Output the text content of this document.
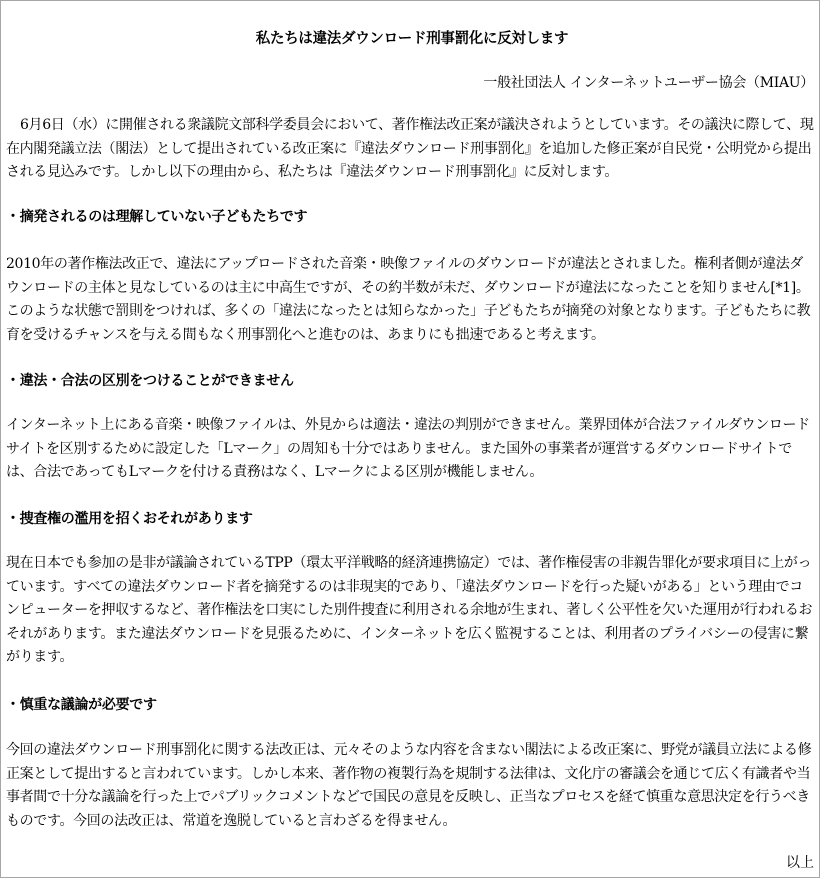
私たちは違法ダウンロード刑事罰化に反対します
一般社団法人 インターネットユーザー協会（MIAU）

6月6日（水）に開催される衆議院文部科学委員会において、著作権法改正案が議決されようとしています。その議決に際して、現在内閣発議立法（閣法）として提出されている改正案に『違法ダウンロード刑事罰化』を追加した修正案が自民党・公明党から提出される見込みです。しかし以下の理由から、私たちは『違法ダウンロード刑事罰化』に反対します。

・摘発されるのは理解していない子どもたちです

2010年の著作権法改正で、違法にアップロードされた音楽・映像ファイルのダウンロードが違法とされました。権利者側が違法ダウンロードの主体と見なしているのは主に中高生ですが、その約半数が未だ、ダウンロードが違法になったことを知りません[*1]。このような状態で罰則をつければ、多くの「違法になったとは知らなかった」子どもたちが摘発の対象となります。子どもたちに教育を受けるチャンスを与える間もなく刑事罰化へと進むのは、あまりにも拙速であると考えます。

・違法・合法の区別をつけることができません

インターネット上にある音楽・映像ファイルは、外見からは適法・違法の判別ができません。業界団体が合法ファイルダウンロードサイトを区別するために設定した「Lマーク」の周知も十分ではありません。また国外の事業者が運営するダウンロードサイトでは、合法であってもLマークを付ける責務はなく、Lマークによる区別が機能しません。

・捜査権の濫用を招くおそれがあります

現在日本でも参加の是非が議論されているTPP（環太平洋戦略的経済連携協定）では、著作権侵害の非親告罪化が要求項目に上がっています。すべての違法ダウンロード者を摘発するのは非現実的であり、「違法ダウンロードを行った疑いがある」という理由でコンピューターを押収するなど、著作権法を口実にした別件捜査に利用される余地が生まれ、著しく公平性を欠いた運用が行われるおそれがあります。また違法ダウンロードを見張るために、インターネットを広く監視することは、利用者のプライバシーの侵害に繋がります。

・慎重な議論が必要です

今回の違法ダウンロード刑事罰化に関する法改正は、元々そのような内容を含まない閣法による改正案に、野党が議員立法による修正案として提出すると言われています。しかし本来、著作物の複製行為を規制する法律は、文化庁の審議会を通じて広く有識者や当事者間で十分な議論を行った上でパブリックコメントなどで国民の意見を反映し、正当なプロセスを経て慎重な意思決定を行うべきものです。今回の法改正は、常道を逸脱していると言わざるを得ません。

以上
